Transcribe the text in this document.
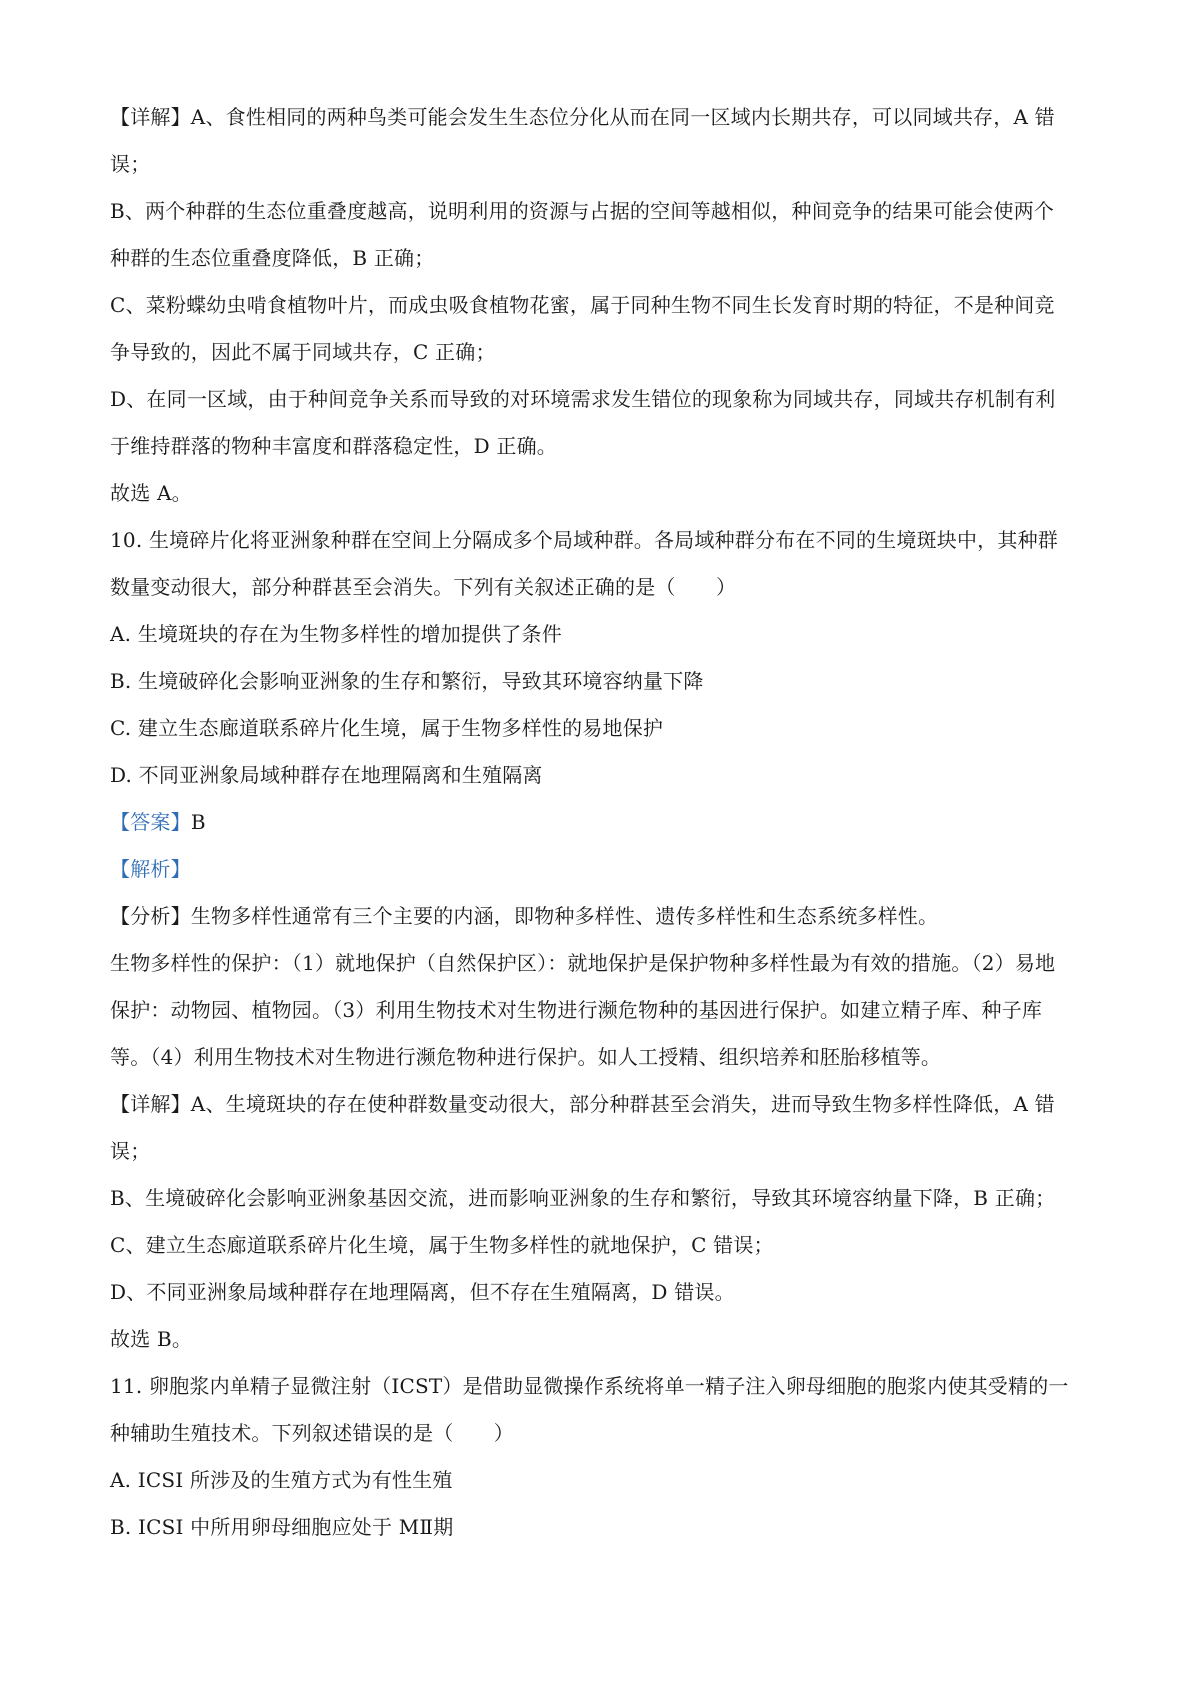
【详解】A、食性相同的两种鸟类可能会发生生态位分化从而在同一区域内长期共存，可以同域共存，A 错
误；
B、两个种群的生态位重叠度越高，说明利用的资源与占据的空间等越相似，种间竞争的结果可能会使两个
种群的生态位重叠度降低，B 正确；
C、菜粉蝶幼虫啃食植物叶片，而成虫吸食植物花蜜，属于同种生物不同生长发育时期的特征，不是种间竞
争导致的，因此不属于同域共存，C 正确；
D、在同一区域，由于种间竞争关系而导致的对环境需求发生错位的现象称为同域共存，同域共存机制有利
于维持群落的物种丰富度和群落稳定性，D 正确。
故选 A。
10. 生境碎片化将亚洲象种群在空间上分隔成多个局域种群。各局域种群分布在不同的生境斑块中，其种群
数量变动很大，部分种群甚至会消失。下列有关叙述正确的是（　　）
A. 生境斑块的存在为生物多样性的增加提供了条件
B. 生境破碎化会影响亚洲象的生存和繁衍，导致其环境容纳量下降
C. 建立生态廊道联系碎片化生境，属于生物多样性的易地保护
D. 不同亚洲象局域种群存在地理隔离和生殖隔离
【答案】B
【解析】
【分析】生物多样性通常有三个主要的内涵，即物种多样性、遗传多样性和生态系统多样性。
生物多样性的保护：（1）就地保护（自然保护区）：就地保护是保护物种多样性最为有效的措施。（2）易地
保护：动物园、植物园。（3）利用生物技术对生物进行濒危物种的基因进行保护。如建立精子库、种子库
等。（4）利用生物技术对生物进行濒危物种进行保护。如人工授精、组织培养和胚胎移植等。
【详解】A、生境斑块的存在使种群数量变动很大，部分种群甚至会消失，进而导致生物多样性降低，A 错
误；
B、生境破碎化会影响亚洲象基因交流，进而影响亚洲象的生存和繁衍，导致其环境容纳量下降，B 正确；
C、建立生态廊道联系碎片化生境，属于生物多样性的就地保护，C 错误；
D、不同亚洲象局域种群存在地理隔离，但不存在生殖隔离，D 错误。
故选 B。
11. 卵胞浆内单精子显微注射（ICST）是借助显微操作系统将单一精子注入卵母细胞的胞浆内使其受精的一
种辅助生殖技术。下列叙述错误的是（　　）
A. ICSI 所涉及的生殖方式为有性生殖
B. ICSI 中所用卵母细胞应处于 MⅡ期
